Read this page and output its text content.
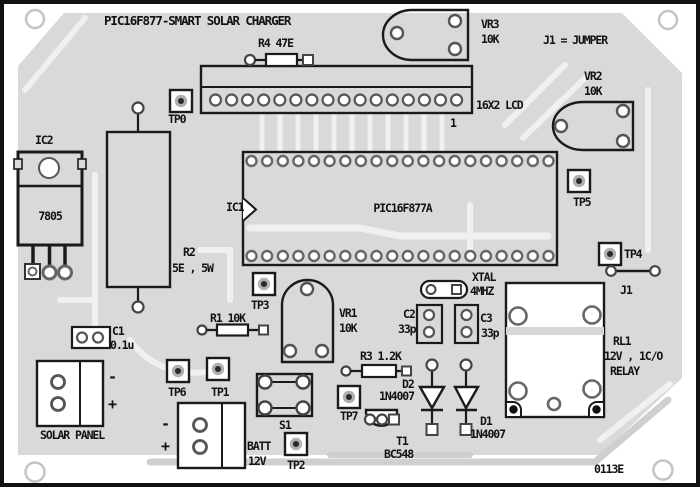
PIC16F877-SMART SOLAR CHARGER
J1 = JUMPER
VR3
10K
R4 47E
TP0
16X2 LCD
1
VR2
10K
IC2
7805
IC1	PIC16F877A	TP5
R2
5E , 5W
TP4
J1
TP3
XTAL
4MHZ
VR1
10K
C2
33p
C3
33p
R1 10K
RL1
12V , 1C/O
RELAY
C1
0.1u
R3 1.2K
TP6 TP1
D2
1N4007
-
+
SOLAR PANEL
TP7
T1
BC548
D1
1N4007
S1
-
+	BATT
12V TP2	0113E
